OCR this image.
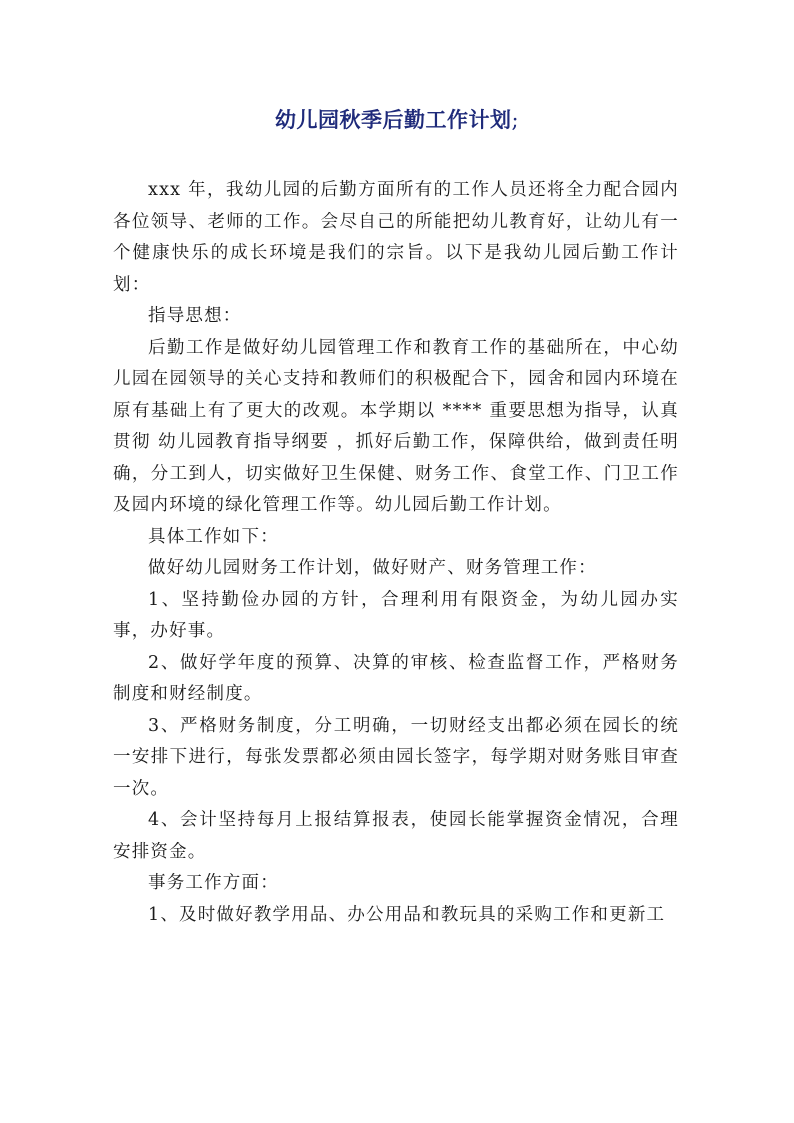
幼儿园秋季后勤工作计划;

xxx 年，我幼儿园的后勤方面所有的工作人员还将全力配合园内各位领导、老师的工作。会尽自己的所能把幼儿教育好，让幼儿有一个健康快乐的成长环境是我们的宗旨。以下是我幼儿园后勤工作计划：

指导思想：

后勤工作是做好幼儿园管理工作和教育工作的基础所在，中心幼儿园在园领导的关心支持和教师们的积极配合下，园舍和园内环境在原有基础上有了更大的改观。本学期以 **** 重要思想为指导，认真贯彻 幼儿园教育指导纲要 ，抓好后勤工作，保障供给，做到责任明确，分工到人，切实做好卫生保健、财务工作、食堂工作、门卫工作及园内环境的绿化管理工作等。幼儿园后勤工作计划。

具体工作如下：

做好幼儿园财务工作计划，做好财产、财务管理工作：

1、坚持勤俭办园的方针，合理利用有限资金，为幼儿园办实事，办好事。

2、做好学年度的预算、决算的审核、检查监督工作，严格财务制度和财经制度。

3、严格财务制度，分工明确，一切财经支出都必须在园长的统一安排下进行，每张发票都必须由园长签字，每学期对财务账目审查一次。

4、会计坚持每月上报结算报表，使园长能掌握资金情况，合理安排资金。

事务工作方面：

1、及时做好教学用品、办公用品和教玩具的采购工作和更新工
